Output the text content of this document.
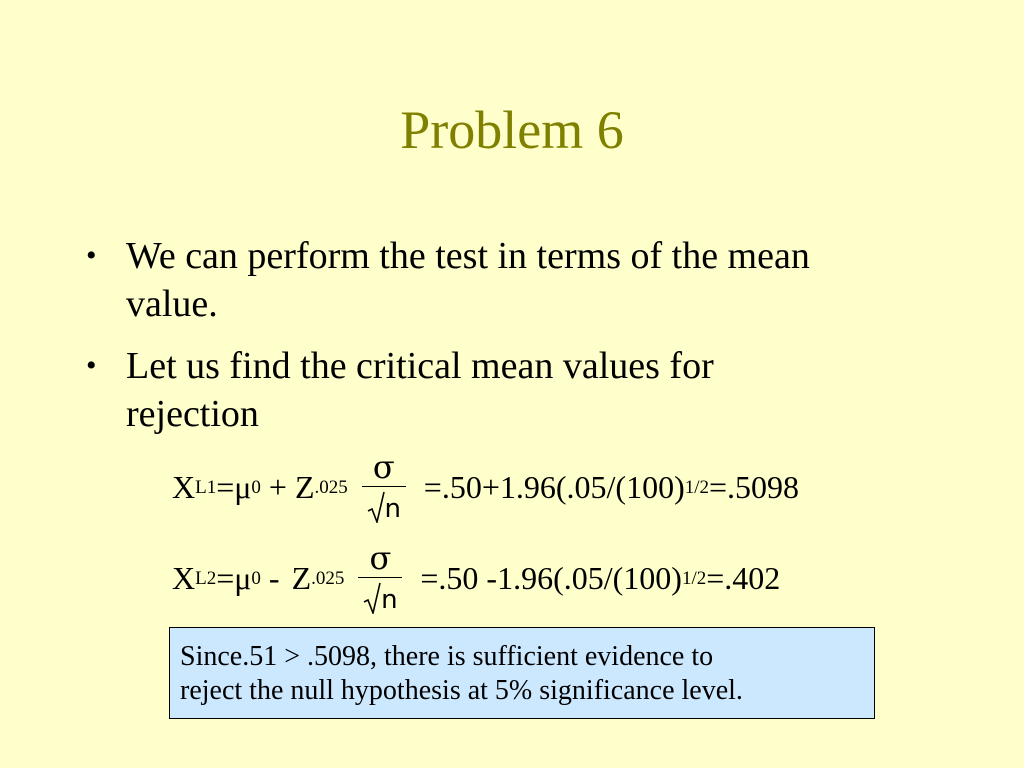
Problem 6
• We can perform the test in terms of the mean
value.
• Let us find the critical mean values for
rejection
X L1 = μ 0 + Z $.025 \frac{\sigma}{n} =.50+1.96(.05/(100)$ 1/2 =.5098
X L2 = μ 0 - Z $.025 \frac{\sigma}{n} =.50$ -1.96(.05/(100) 1/2 =.402
Since.51 > .5098, there is sufficient evidence to
reject the null hypothesis at 5% significance level.
